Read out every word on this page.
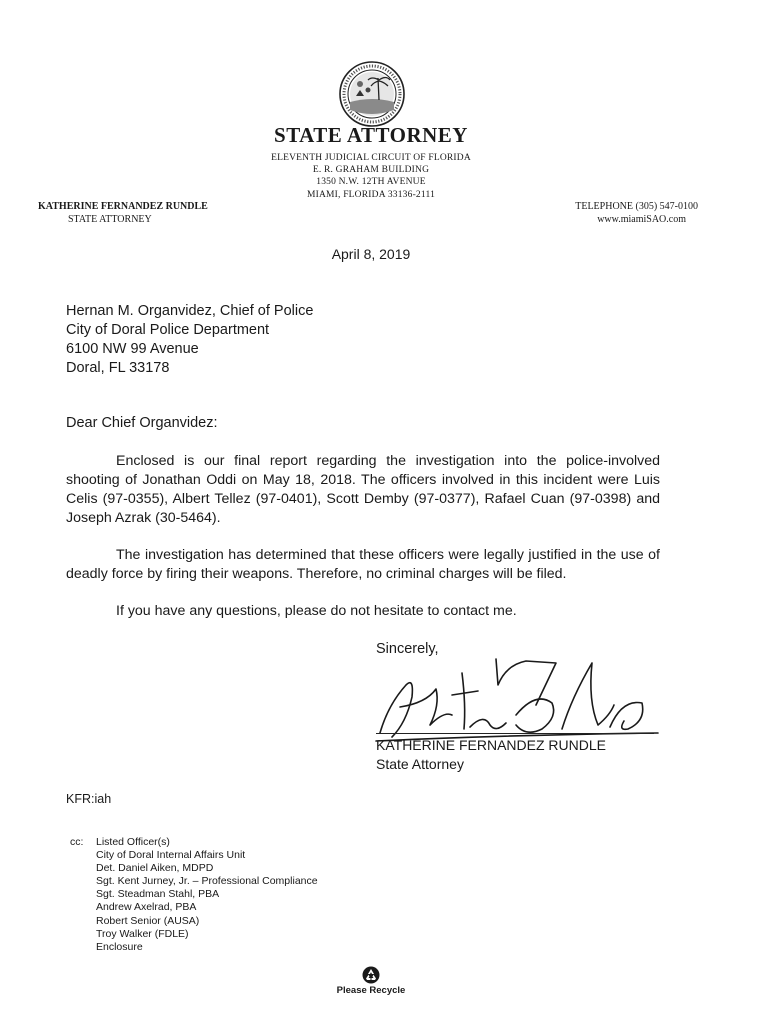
STATE ATTORNEY
ELEVENTH JUDICIAL CIRCUIT OF FLORIDA
E. R. GRAHAM BUILDING
1350 N.W. 12TH AVENUE
MIAMI, FLORIDA 33136-2111
KATHERINE FERNANDEZ RUNDLE
STATE ATTORNEY
TELEPHONE (305) 547-0100
www.miamiSAO.com
April 8, 2019
Hernan M. Organvidez, Chief of Police
City of Doral Police Department
6100 NW 99 Avenue
Doral, FL 33178
Dear Chief Organvidez:
Enclosed is our final report regarding the investigation into the police-involved shooting of Jonathan Oddi on May 18, 2018. The officers involved in this incident were Luis Celis (97-0355), Albert Tellez (97-0401), Scott Demby (97-0377), Rafael Cuan (97-0398) and Joseph Azrak (30-5464).
The investigation has determined that these officers were legally justified in the use of deadly force by firing their weapons. Therefore, no criminal charges will be filed.
If you have any questions, please do not hesitate to contact me.
Sincerely,
KATHERINE FERNANDEZ RUNDLE
State Attorney
KFR:iah
cc: Listed Officer(s)
City of Doral Internal Affairs Unit
Det. Daniel Aiken, MDPD
Sgt. Kent Jurney, Jr. – Professional Compliance
Sgt. Steadman Stahl, PBA
Andrew Axelrad, PBA
Robert Senior (AUSA)
Troy Walker (FDLE)
Enclosure
Please Recycle
